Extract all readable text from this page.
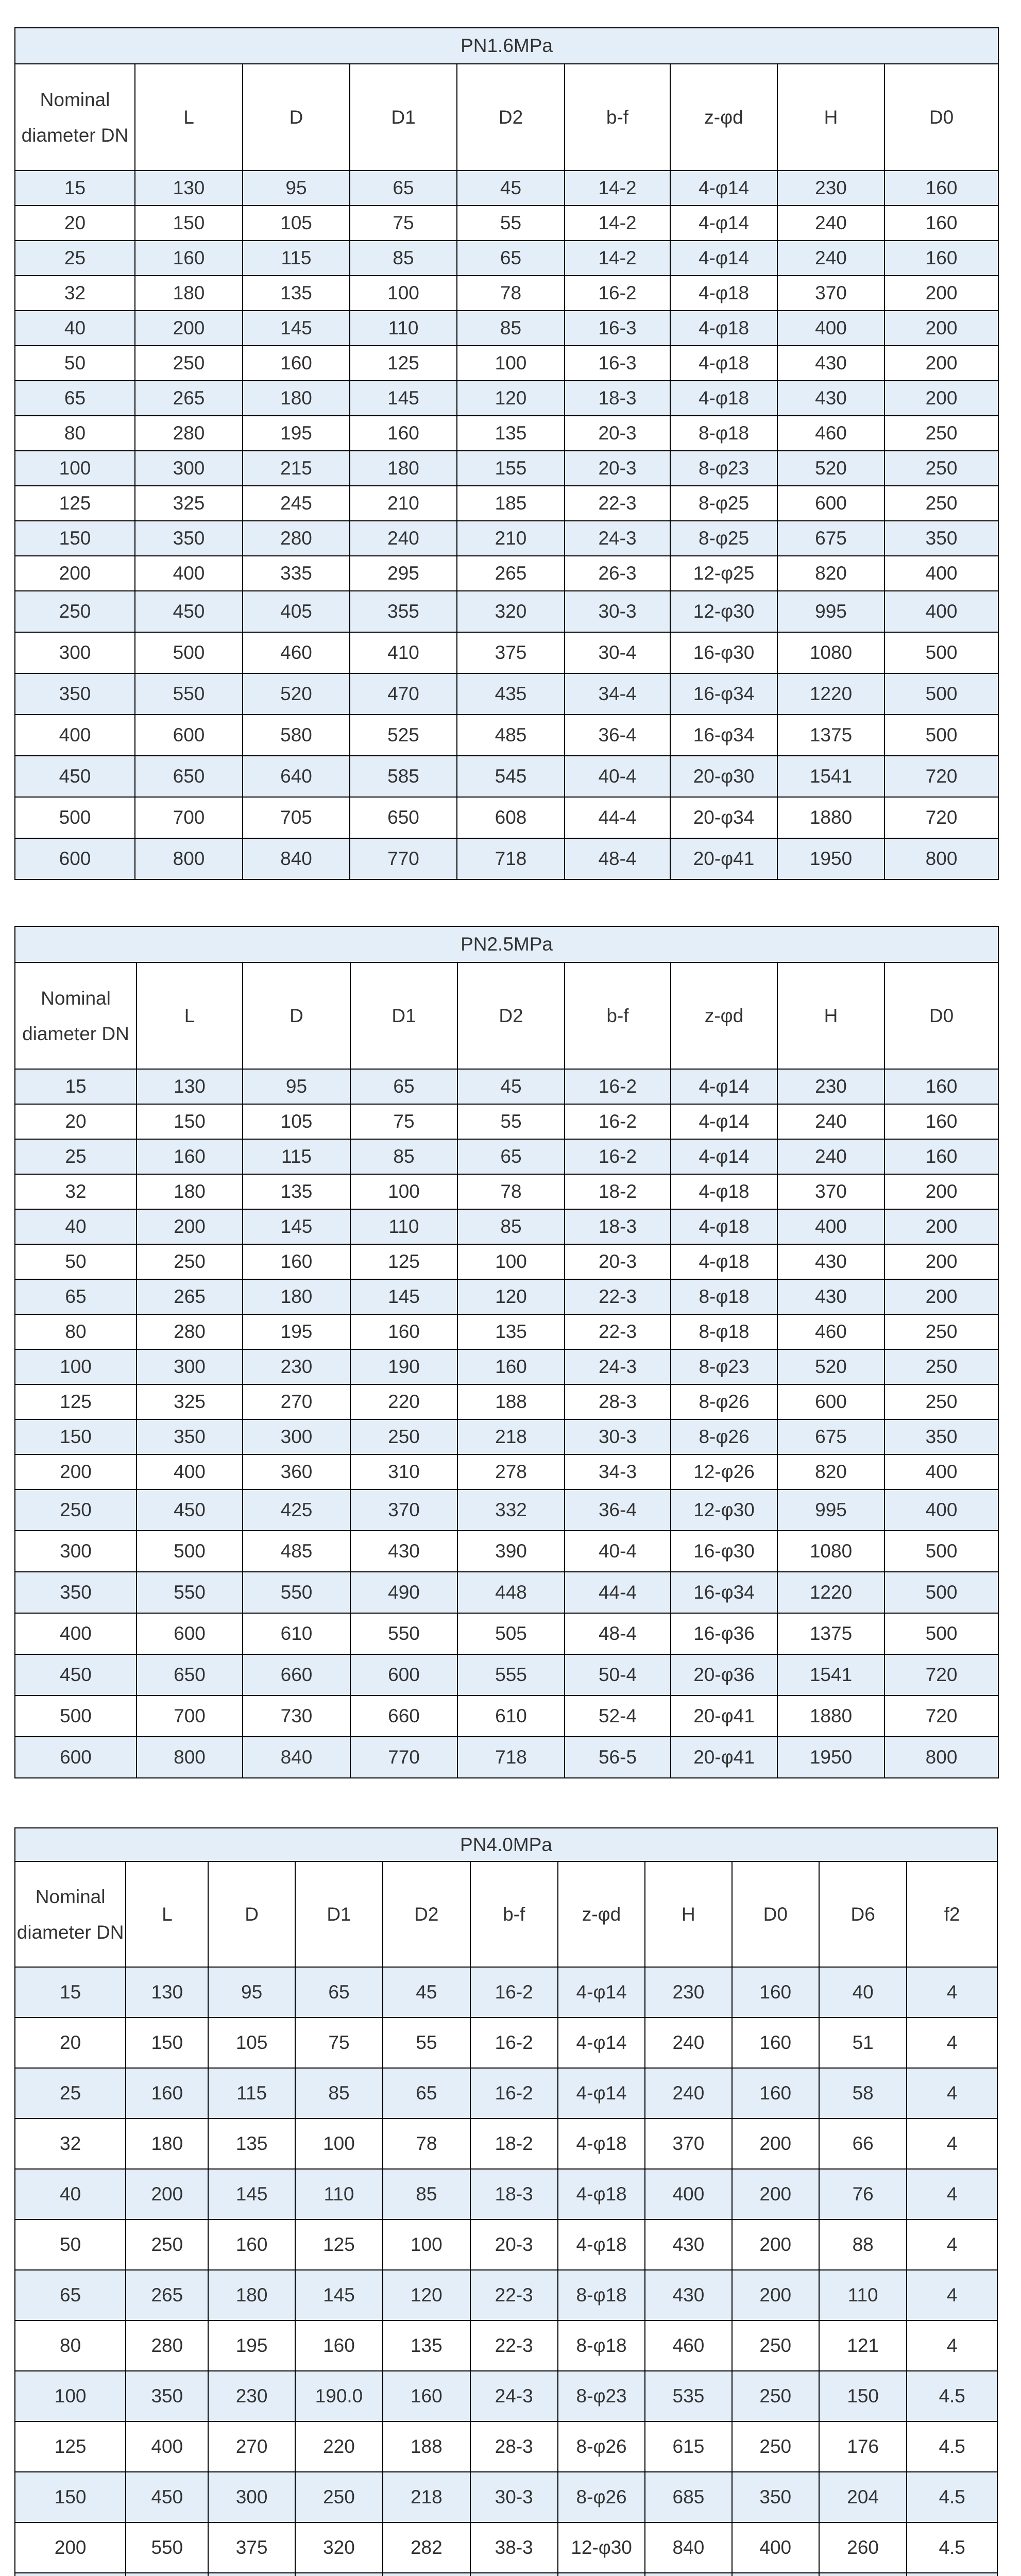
PN1.6MPa								
Nominal diameter DN	L	D	D1	D2	b-f	z-φd	H	D0
15	130	95	65	45	14-2	4-φ14	230	160
20	150	105	75	55	14-2	4-φ14	240	160
25	160	115	85	65	14-2	4-φ14	240	160
32	180	135	100	78	16-2	4-φ18	370	200
40	200	145	110	85	16-3	4-φ18	400	200
50	250	160	125	100	16-3	4-φ18	430	200
65	265	180	145	120	18-3	4-φ18	430	200
80	280	195	160	135	20-3	8-φ18	460	250
100	300	215	180	155	20-3	8-φ23	520	250
125	325	245	210	185	22-3	8-φ25	600	250
150	350	280	240	210	24-3	8-φ25	675	350
200	400	335	295	265	26-3	12-φ25	820	400
250	450	405	355	320	30-3	12-φ30	995	400
300	500	460	410	375	30-4	16-φ30	1080	500
350	550	520	470	435	34-4	16-φ34	1220	500
400	600	580	525	485	36-4	16-φ34	1375	500
450	650	640	585	545	40-4	20-φ30	1541	720
500	700	705	650	608	44-4	20-φ34	1880	720
600	800	840	770	718	48-4	20-φ41	1950	800
PN2.5MPa								
Nominal diameter DN	L	D	D1	D2	b-f	z-φd	H	D0
15	130	95	65	45	16-2	4-φ14	230	160
20	150	105	75	55	16-2	4-φ14	240	160
25	160	115	85	65	16-2	4-φ14	240	160
32	180	135	100	78	18-2	4-φ18	370	200
40	200	145	110	85	18-3	4-φ18	400	200
50	250	160	125	100	20-3	4-φ18	430	200
65	265	180	145	120	22-3	8-φ18	430	200
80	280	195	160	135	22-3	8-φ18	460	250
100	300	230	190	160	24-3	8-φ23	520	250
125	325	270	220	188	28-3	8-φ26	600	250
150	350	300	250	218	30-3	8-φ26	675	350
200	400	360	310	278	34-3	12-φ26	820	400
250	450	425	370	332	36-4	12-φ30	995	400
300	500	485	430	390	40-4	16-φ30	1080	500
350	550	550	490	448	44-4	16-φ34	1220	500
400	600	610	550	505	48-4	16-φ36	1375	500
450	650	660	600	555	50-4	20-φ36	1541	720
500	700	730	660	610	52-4	20-φ41	1880	720
600	800	840	770	718	56-5	20-φ41	1950	800
PN4.0MPa										
Nominal diameter DN	L	D	D1	D2	b-f	z-φd	H	D0	D6	f2
15	130	95	65	45	16-2	4-φ14	230	160	40	4
20	150	105	75	55	16-2	4-φ14	240	160	51	4
25	160	115	85	65	16-2	4-φ14	240	160	58	4
32	180	135	100	78	18-2	4-φ18	370	200	66	4
40	200	145	110	85	18-3	4-φ18	400	200	76	4
50	250	160	125	100	20-3	4-φ18	430	200	88	4
65	265	180	145	120	22-3	8-φ18	430	200	110	4
80	280	195	160	135	22-3	8-φ18	460	250	121	4
100	350	230	190.0	160	24-3	8-φ23	535	250	150	4.5
125	400	270	220	188	28-3	8-φ26	615	250	176	4.5
150	450	300	250	218	30-3	8-φ26	685	350	204	4.5
200	550	375	320	282	38-3	12-φ30	840	400	260	4.5
